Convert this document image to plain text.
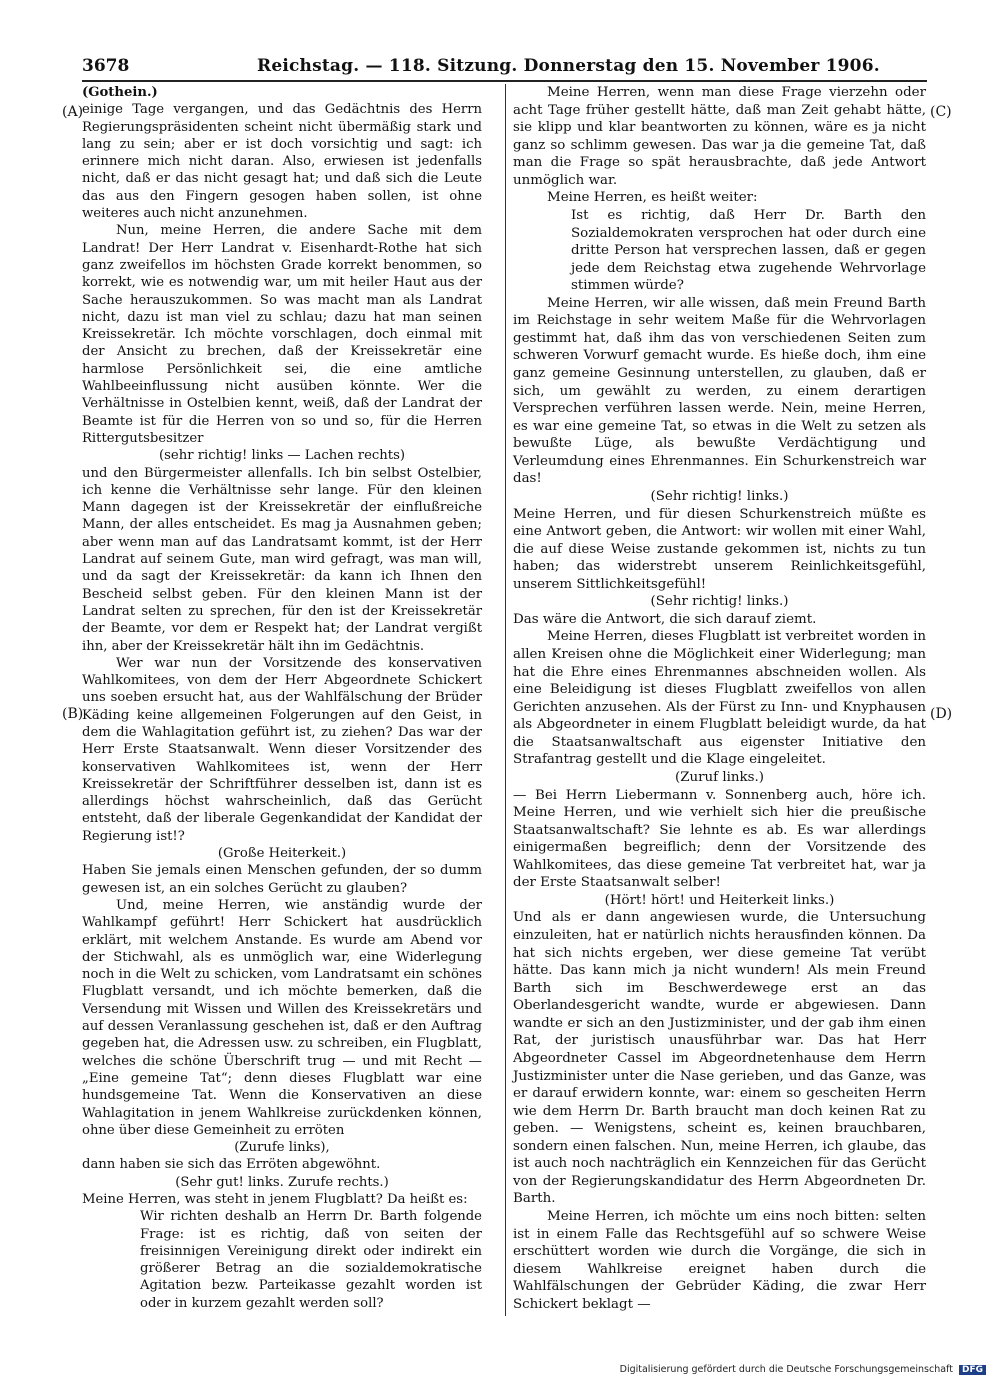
3678	Reichstag. — 118. Sitzung. Donnerstag den 15. November 1906.
(A)
(B)
(C)
(D)

(Gothein.)

einige Tage vergangen, und das Gedächtnis des Herrn Regierungspräsidenten scheint nicht übermäßig stark und lang zu sein; aber er ist doch vorsichtig und sagt: ich erinnere mich nicht daran. Also, erwiesen ist jedenfalls nicht, daß er das nicht gesagt hat; und daß sich die Leute das aus den Fingern gesogen haben sollen, ist ohne weiteres auch nicht anzunehmen.

Nun, meine Herren, die andere Sache mit dem Landrat! Der Herr Landrat v. Eisenhardt-Rothe hat sich ganz zweifellos im höchsten Grade korrekt benommen, so korrekt, wie es notwendig war, um mit heiler Haut aus der Sache herauszukommen. So was macht man als Landrat nicht, dazu ist man viel zu schlau; dazu hat man seinen Kreissekretär. Ich möchte vorschlagen, doch einmal mit der Ansicht zu brechen, daß der Kreissekretär eine harmlose Persönlichkeit sei, die eine amtliche Wahlbeeinflussung nicht ausüben könnte. Wer die Verhältnisse in Ostelbien kennt, weiß, daß der Landrat der Beamte ist für die Herren von so und so, für die Herren Rittergutsbesitzer

(sehr richtig! links — Lachen rechts)

und den Bürgermeister allenfalls. Ich bin selbst Ostelbier, ich kenne die Verhältnisse sehr lange. Für den kleinen Mann dagegen ist der Kreissekretär der einflußreiche Mann, der alles entscheidet. Es mag ja Ausnahmen geben; aber wenn man auf das Landratsamt kommt, ist der Herr Landrat auf seinem Gute, man wird gefragt, was man will, und da sagt der Kreissekretär: da kann ich Ihnen den Bescheid selbst geben. Für den kleinen Mann ist der Landrat selten zu sprechen, für den ist der Kreissekretär der Beamte, vor dem er Respekt hat; der Landrat vergißt ihn, aber der Kreissekretär hält ihn im Gedächtnis.

Wer war nun der Vorsitzende des konservativen Wahlkomitees, von dem der Herr Abgeordnete Schickert uns soeben ersucht hat, aus der Wahlfälschung der Brüder Käding keine allgemeinen Folgerungen auf den Geist, in dem die Wahlagitation geführt ist, zu ziehen? Das war der Herr Erste Staatsanwalt. Wenn dieser Vorsitzender des konservativen Wahlkomitees ist, wenn der Herr Kreissekretär der Schriftführer desselben ist, dann ist es allerdings höchst wahrscheinlich, daß das Gerücht entsteht, daß der liberale Gegenkandidat der Kandidat der Regierung ist!?

(Große Heiterkeit.)

Haben Sie jemals einen Menschen gefunden, der so dumm gewesen ist, an ein solches Gerücht zu glauben?

Und, meine Herren, wie anständig wurde der Wahlkampf geführt! Herr Schickert hat ausdrücklich erklärt, mit welchem Anstande. Es wurde am Abend vor der Stichwahl, als es unmöglich war, eine Widerlegung noch in die Welt zu schicken, vom Landratsamt ein schönes Flugblatt versandt, und ich möchte bemerken, daß die Versendung mit Wissen und Willen des Kreissekretärs und auf dessen Veranlassung geschehen ist, daß er den Auftrag gegeben hat, die Adressen usw. zu schreiben, ein Flugblatt, welches die schöne Überschrift trug — und mit Recht — „Eine gemeine Tat“; denn dieses Flugblatt war eine hundsgemeine Tat. Wenn die Konservativen an diese Wahlagitation in jenem Wahlkreise zurückdenken können, ohne über diese Gemeinheit zu erröten

(Zurufe links),

dann haben sie sich das Erröten abgewöhnt.

(Sehr gut! links. Zurufe rechts.)

Meine Herren, was steht in jenem Flugblatt? Da heißt es:

Wir richten deshalb an Herrn Dr. Barth folgende Frage: ist es richtig, daß von seiten der freisinnigen Vereinigung direkt oder indirekt ein größerer Betrag an die sozialdemokratische Agitation bezw. Parteikasse gezahlt worden ist oder in kurzem gezahlt werden soll?

Meine Herren, wenn man diese Frage vierzehn oder acht Tage früher gestellt hätte, daß man Zeit gehabt hätte, sie klipp und klar beantworten zu können, wäre es ja nicht ganz so schlimm gewesen. Das war ja die gemeine Tat, daß man die Frage so spät herausbrachte, daß jede Antwort unmöglich war.

Meine Herren, es heißt weiter:

Ist es richtig, daß Herr Dr. Barth den Sozialdemokraten versprochen hat oder durch eine dritte Person hat versprechen lassen, daß er gegen jede dem Reichstag etwa zugehende Wehrvorlage stimmen würde?

Meine Herren, wir alle wissen, daß mein Freund Barth im Reichstage in sehr weitem Maße für die Wehrvorlagen gestimmt hat, daß ihm das von verschiedenen Seiten zum schweren Vorwurf gemacht wurde. Es hieße doch, ihm eine ganz gemeine Gesinnung unterstellen, zu glauben, daß er sich, um gewählt zu werden, zu einem derartigen Versprechen verführen lassen werde. Nein, meine Herren, es war eine gemeine Tat, so etwas in die Welt zu setzen als bewußte Lüge, als bewußte Verdächtigung und Verleumdung eines Ehrenmannes. Ein Schurkenstreich war das!

(Sehr richtig! links.)

Meine Herren, und für diesen Schurkenstreich müßte es eine Antwort geben, die Antwort: wir wollen mit einer Wahl, die auf diese Weise zustande gekommen ist, nichts zu tun haben; das widerstrebt unserem Reinlichkeitsgefühl, unserem Sittlichkeitsgefühl!

(Sehr richtig! links.)

Das wäre die Antwort, die sich darauf ziemt.

Meine Herren, dieses Flugblatt ist verbreitet worden in allen Kreisen ohne die Möglichkeit einer Widerlegung; man hat die Ehre eines Ehrenmannes abschneiden wollen. Als eine Beleidigung ist dieses Flugblatt zweifellos von allen Gerichten anzusehen. Als der Fürst zu Inn- und Knyphausen als Abgeordneter in einem Flugblatt beleidigt wurde, da hat die Staatsanwaltschaft aus eigenster Initiative den Strafantrag gestellt und die Klage eingeleitet.

(Zuruf links.)

— Bei Herrn Liebermann v. Sonnenberg auch, höre ich. Meine Herren, und wie verhielt sich hier die preußische Staatsanwaltschaft? Sie lehnte es ab. Es war allerdings einigermaßen begreiflich; denn der Vorsitzende des Wahlkomitees, das diese gemeine Tat verbreitet hat, war ja der Erste Staatsanwalt selber!

(Hört! hört! und Heiterkeit links.)

Und als er dann angewiesen wurde, die Untersuchung einzuleiten, hat er natürlich nichts herausfinden können. Da hat sich nichts ergeben, wer diese gemeine Tat verübt hätte. Das kann mich ja nicht wundern! Als mein Freund Barth sich im Beschwerdewege erst an das Oberlandesgericht wandte, wurde er abgewiesen. Dann wandte er sich an den Justizminister, und der gab ihm einen Rat, der juristisch unausführbar war. Das hat Herr Abgeordneter Cassel im Abgeordnetenhause dem Herrn Justizminister unter die Nase gerieben, und das Ganze, was er darauf erwidern konnte, war: einem so gescheiten Herrn wie dem Herrn Dr. Barth braucht man doch keinen Rat zu geben. — Wenigstens, scheint es, keinen brauchbaren, sondern einen falschen. Nun, meine Herren, ich glaube, das ist auch noch nachträglich ein Kennzeichen für das Gerücht von der Regierungskandidatur des Herrn Abgeordneten Dr. Barth.

Meine Herren, ich möchte um eins noch bitten: selten ist in einem Falle das Rechtsgefühl auf so schwere Weise erschüttert worden wie durch die Vorgänge, die sich in diesem Wahlkreise ereignet haben durch die Wahlfälschungen der Gebrüder Käding, die zwar Herr Schickert beklagt —

Digitalisierung gefördert durch die Deutsche Forschungsgemeinschaft DFG
